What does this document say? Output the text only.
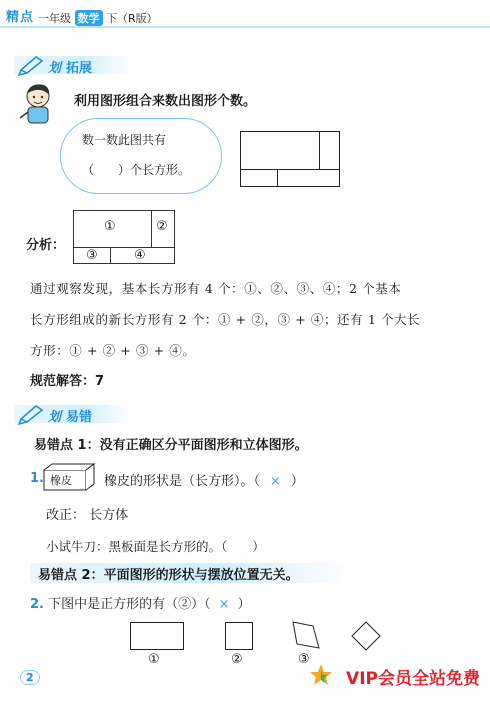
精点 一年级 数学 下（R版）
划 拓展
利用图形组合来数出图形个数。
数一数此图共有
（　　）个长方形。
分析：
①	②
③	④
通过观察发现，基本长方形有 4 个：①、②、③、④；2 个基本
长方形组成的新长方形有 2 个：① + ②，③ + ④；还有 1 个大长
方形：① + ② + ③ + ④。
规范解答：7
划 易错
易错点 1：没有正确区分平面图形和立体图形。
1. 橡皮 橡皮的形状是（长方形）。（ × ）
改正： 长方体
小试牛刀：黑板面是长方形的。（　　）
易错点 2：平面图形的形状与摆放位置无关。
2. 下图中是正方形的有（②）（ × ）
①	②	③
2	VIP会员全站免费
